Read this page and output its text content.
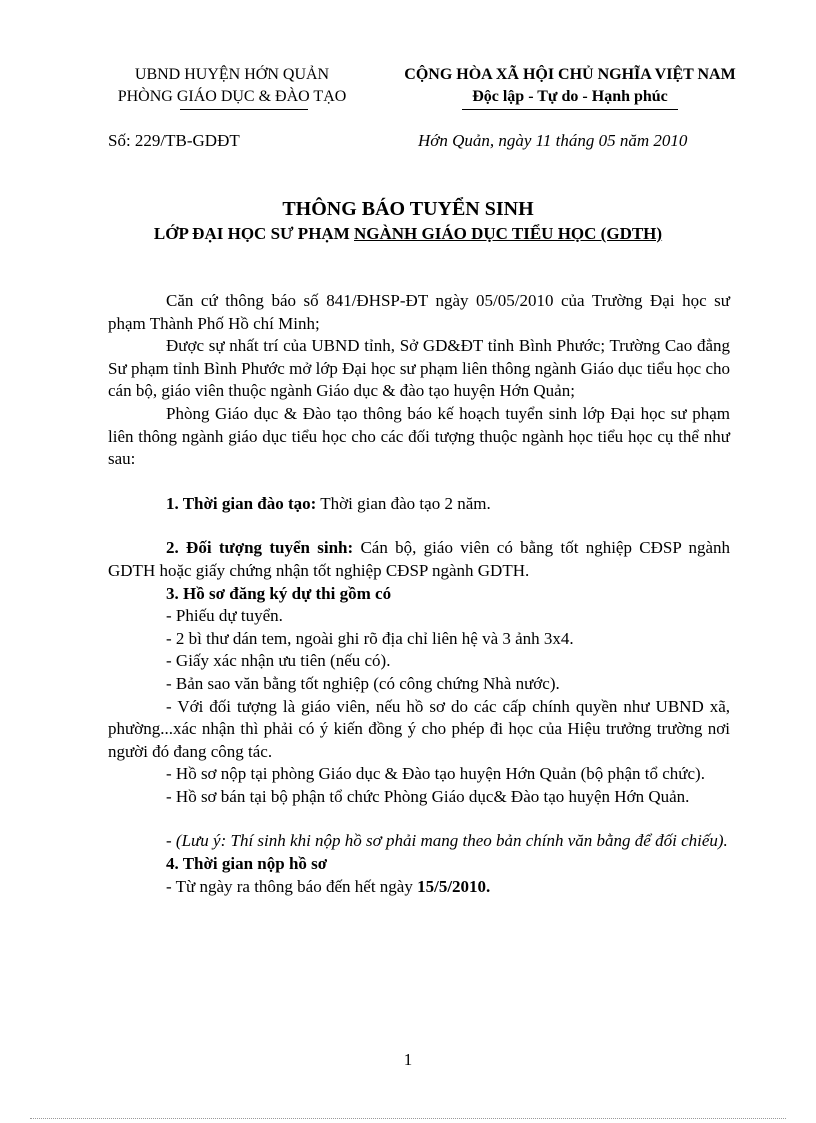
UBND HUYỆN HỚN QUẢN
PHÒNG GIÁO DỤC & ĐÀO TẠO
CỘNG HÒA XÃ HỘI CHỦ NGHĨA VIỆT NAM
Độc lập - Tự do - Hạnh phúc
Số: 229/TB-GDĐT	Hớn Quản, ngày 11 tháng 05 năm 2010
THÔNG BÁO TUYỂN SINH
LỚP ĐẠI HỌC SƯ PHẠM NGÀNH GIÁO DỤC TIỂU HỌC (GDTH)

Căn cứ thông báo số 841/ĐHSP-ĐT ngày 05/05/2010 của Trường Đại học sư phạm Thành Phố Hồ chí Minh;

Được sự nhất trí của UBND tỉnh, Sở GD&ĐT tỉnh Bình Phước; Trường Cao đẳng Sư phạm tỉnh Bình Phước mở lớp Đại học sư phạm liên thông ngành Giáo dục tiểu học cho cán bộ, giáo viên thuộc ngành Giáo dục & đào tạo huyện Hớn Quản;

Phòng Giáo dục & Đào tạo thông báo kế hoạch tuyển sinh lớp Đại học sư phạm liên thông ngành giáo dục tiểu học cho các đối tượng thuộc ngành học tiểu học cụ thể như sau:

1. Thời gian đào tạo: Thời gian đào tạo 2 năm.

2. Đối tượng tuyển sinh: Cán bộ, giáo viên có bằng tốt nghiệp CĐSP ngành GDTH hoặc giấy chứng nhận tốt nghiệp CĐSP ngành GDTH.

3. Hồ sơ đăng ký dự thi gồm có

- Phiếu dự tuyển.

- 2 bì thư dán tem, ngoài ghi rõ địa chỉ liên hệ và 3 ảnh 3x4.

- Giấy xác nhận ưu tiên (nếu có).

- Bản sao văn bằng tốt nghiệp (có công chứng Nhà nước).

- Với đối tượng là giáo viên, nếu hồ sơ do các cấp chính quyền như UBND xã, phường...xác nhận thì phải có ý kiến đồng ý cho phép đi học của Hiệu trưởng trường nơi người đó đang công tác.

- Hồ sơ nộp tại phòng Giáo dục & Đào tạo huyện Hớn Quản (bộ phận tổ chức).

- Hồ sơ bán tại bộ phận tổ chức Phòng Giáo dục& Đào tạo huyện Hớn Quản.

- (Lưu ý: Thí sinh khi nộp hồ sơ phải mang theo bản chính văn bằng để đối chiếu).

4. Thời gian nộp hồ sơ

- Từ ngày ra thông báo đến hết ngày 15/5/2010.

1
